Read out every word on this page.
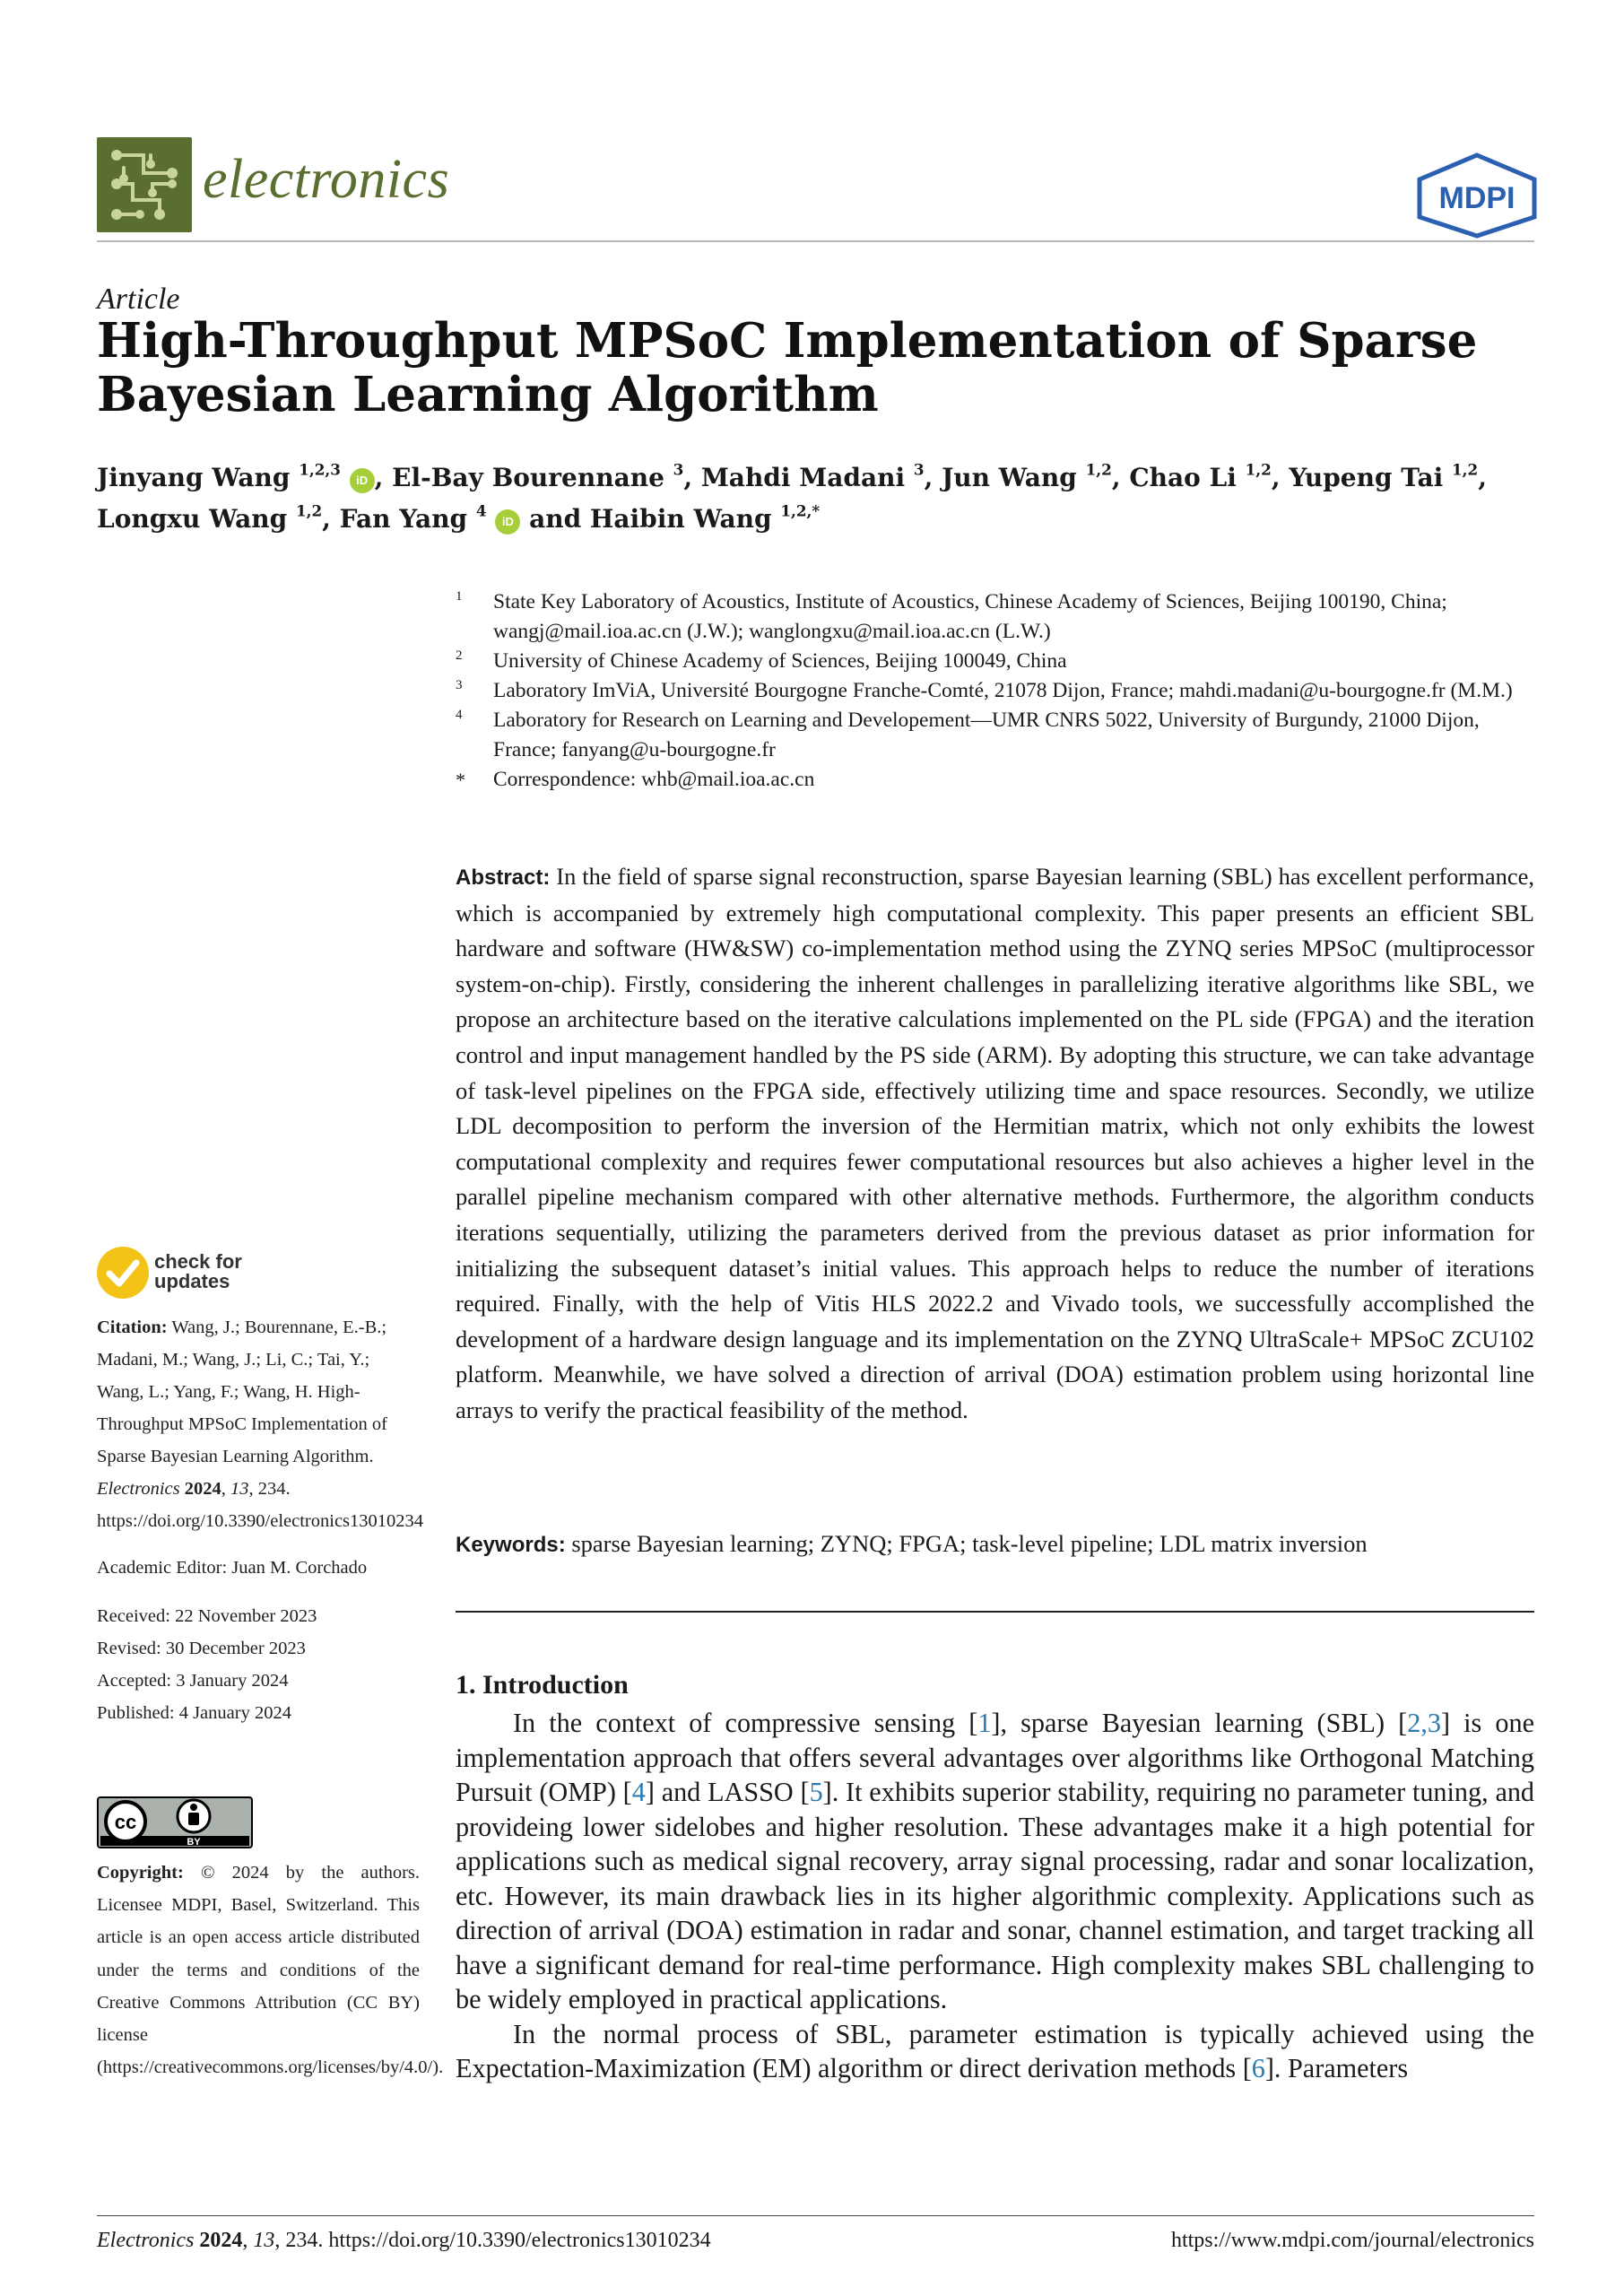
electronics	MDPI
Article
High-Throughput MPSoC Implementation of Sparse Bayesian Learning Algorithm
Jinyang Wang $^{1,2,3}$ iD , El-Bay Bourennane $^3$, Mahdi Madani $^3$, Jun Wang $^{1,2}$, Chao Li $^{1,2}$, Yupeng Tai $^{1,2}$,
Longxu Wang $^{1,2}$, Fan Yang $^4$ iD and Haibin Wang $^{1,2,*}$
1 State Key Laboratory of Acoustics, Institute of Acoustics, Chinese Academy of Sciences, Beijing 100190, China; wangj@mail.ioa.ac.cn (J.W.); wanglongxu@mail.ioa.ac.cn (L.W.)
2 University of Chinese Academy of Sciences, Beijing 100049, China
3 Laboratory ImViA, Université Bourgogne Franche-Comté, 21078 Dijon, France; mahdi.madani@u-bourgogne.fr (M.M.)
4 Laboratory for Research on Learning and Developement—UMR CNRS 5022, University of Burgundy, 21000 Dijon, France; fanyang@u-bourgogne.fr
* Correspondence: whb@mail.ioa.ac.cn
Abstract: In the field of sparse signal reconstruction, sparse Bayesian learning (SBL) has excellent performance, which is accompanied by extremely high computational complexity. This paper presents an efficient SBL hardware and software (HW&SW) co-implementation method using the ZYNQ series MPSoC (multiprocessor system-on-chip). Firstly, considering the inherent challenges in parallelizing iterative algorithms like SBL, we propose an architecture based on the iterative calculations implemented on the PL side (FPGA) and the iteration control and input management handled by the PS side (ARM). By adopting this structure, we can take advantage of task-level pipelines on the FPGA side, effectively utilizing time and space resources. Secondly, we utilize LDL decomposition to perform the inversion of the Hermitian matrix, which not only exhibits the lowest computational complexity and requires fewer computational resources but also achieves a higher level in the parallel pipeline mechanism compared with other alternative methods. Furthermore, the algorithm conducts iterations sequentially, utilizing the parameters derived from the previous dataset as prior information for initializing the subsequent dataset’s initial values. This approach helps to reduce the number of iterations required. Finally, with the help of Vitis HLS 2022.2 and Vivado tools, we successfully accomplished the development of a hardware design language and its implementation on the ZYNQ UltraScale+ MPSoC ZCU102 platform. Meanwhile, we have solved a direction of arrival (DOA) estimation problem using horizontal line arrays to verify the practical feasibility of the method.
Keywords: sparse Bayesian learning; ZYNQ; FPGA; task-level pipeline; LDL matrix inversion
1. Introduction

In the context of compressive sensing [1], sparse Bayesian learning (SBL) [2,3] is one implementation approach that offers several advantages over algorithms like Orthogonal Matching Pursuit (OMP) [4] and LASSO [5]. It exhibits superior stability, requiring no parameter tuning, and provideing lower sidelobes and higher resolution. These advantages make it a high potential for applications such as medical signal recovery, array signal processing, radar and sonar localization, etc. However, its main drawback lies in its higher algorithmic complexity. Applications such as direction of arrival (DOA) estimation in radar and sonar, channel estimation, and target tracking all have a significant demand for real-time performance. High complexity makes SBL challenging to be widely employed in practical applications.

In the normal process of SBL, parameter estimation is typically achieved using the Expectation-Maximization (EM) algorithm or direct derivation methods [6]. Parameters

check for
updates
Citation: Wang, J.; Bourennane, E.-B.; Madani, M.; Wang, J.; Li, C.; Tai, Y.; Wang, L.; Yang, F.; Wang, H. High-Throughput MPSoC Implementation of Sparse Bayesian Learning Algorithm. Electronics 2024, 13, 234. https://doi.org/10.3390/electronics13010234
Academic Editor: Juan M. Corchado
Received: 22 November 2023
Revised: 30 December 2023
Accepted: 3 January 2024
Published: 4 January 2024
cc
BY
Copyright: © 2024 by the authors. Licensee MDPI, Basel, Switzerland. This article is an open access article distributed under the terms and conditions of the Creative Commons Attribution (CC BY) license (https://creativecommons.org/licenses/by/4.0/).
Electronics 2024, 13, 234. https://doi.org/10.3390/electronics13010234	https://www.mdpi.com/journal/electronics
